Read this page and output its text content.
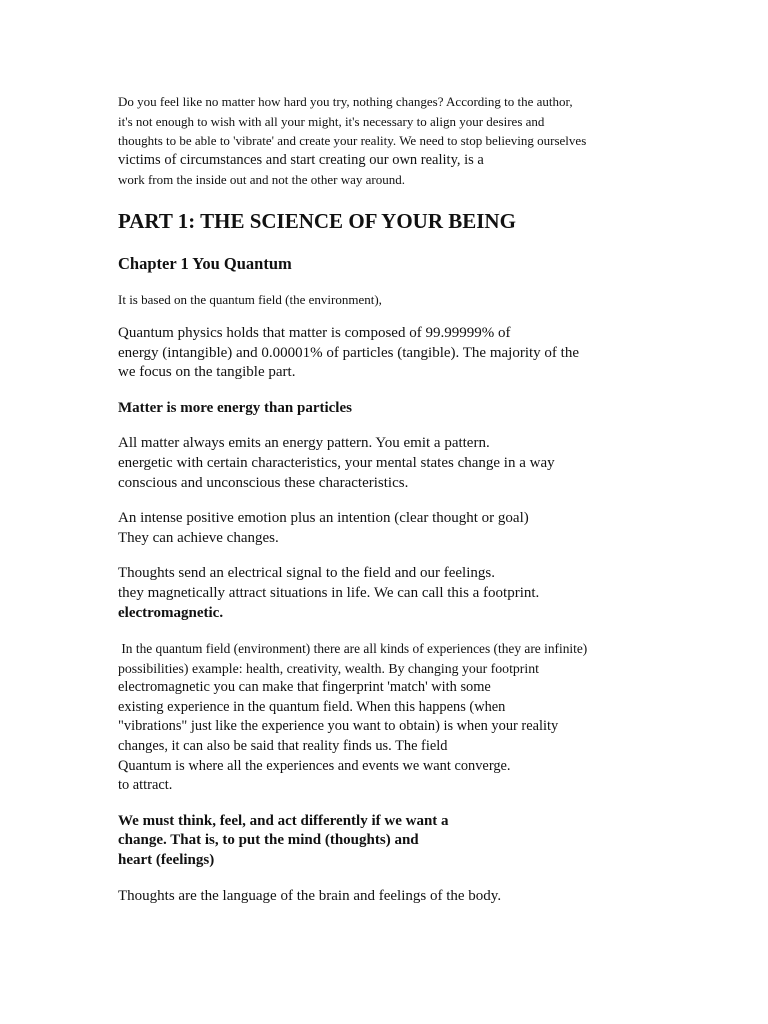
Do you feel like no matter how hard you try, nothing changes? According to the author,
it's not enough to wish with all your might, it's necessary to align your desires and
thoughts to be able to 'vibrate' and create your reality. We need to stop believing ourselves
victims of circumstances and start creating our own reality, is a
work from the inside out and not the other way around.
PART 1: THE SCIENCE OF YOUR BEING
Chapter 1 You Quantum
It is based on the quantum field (the environment),
Quantum physics holds that matter is composed of 99.99999% of
energy (intangible) and 0.00001% of particles (tangible). The majority of the
we focus on the tangible part.
Matter is more energy than particles
All matter always emits an energy pattern. You emit a pattern.
energetic with certain characteristics, your mental states change in a way
conscious and unconscious these characteristics.
An intense positive emotion plus an intention (clear thought or goal)
They can achieve changes.
Thoughts send an electrical signal to the field and our feelings.
they magnetically attract situations in life. We can call this a footprint.
electromagnetic.
In the quantum field (environment) there are all kinds of experiences (they are infinite)
possibilities) example: health, creativity, wealth. By changing your footprint
electromagnetic you can make that fingerprint 'match' with some
existing experience in the quantum field. When this happens (when
"vibrations" just like the experience you want to obtain) is when your reality
changes, it can also be said that reality finds us. The field
Quantum is where all the experiences and events we want converge.
to attract.
We must think, feel, and act differently if we want a
change. That is, to put the mind (thoughts) and
heart (feelings)
Thoughts are the language of the brain and feelings of the body.
